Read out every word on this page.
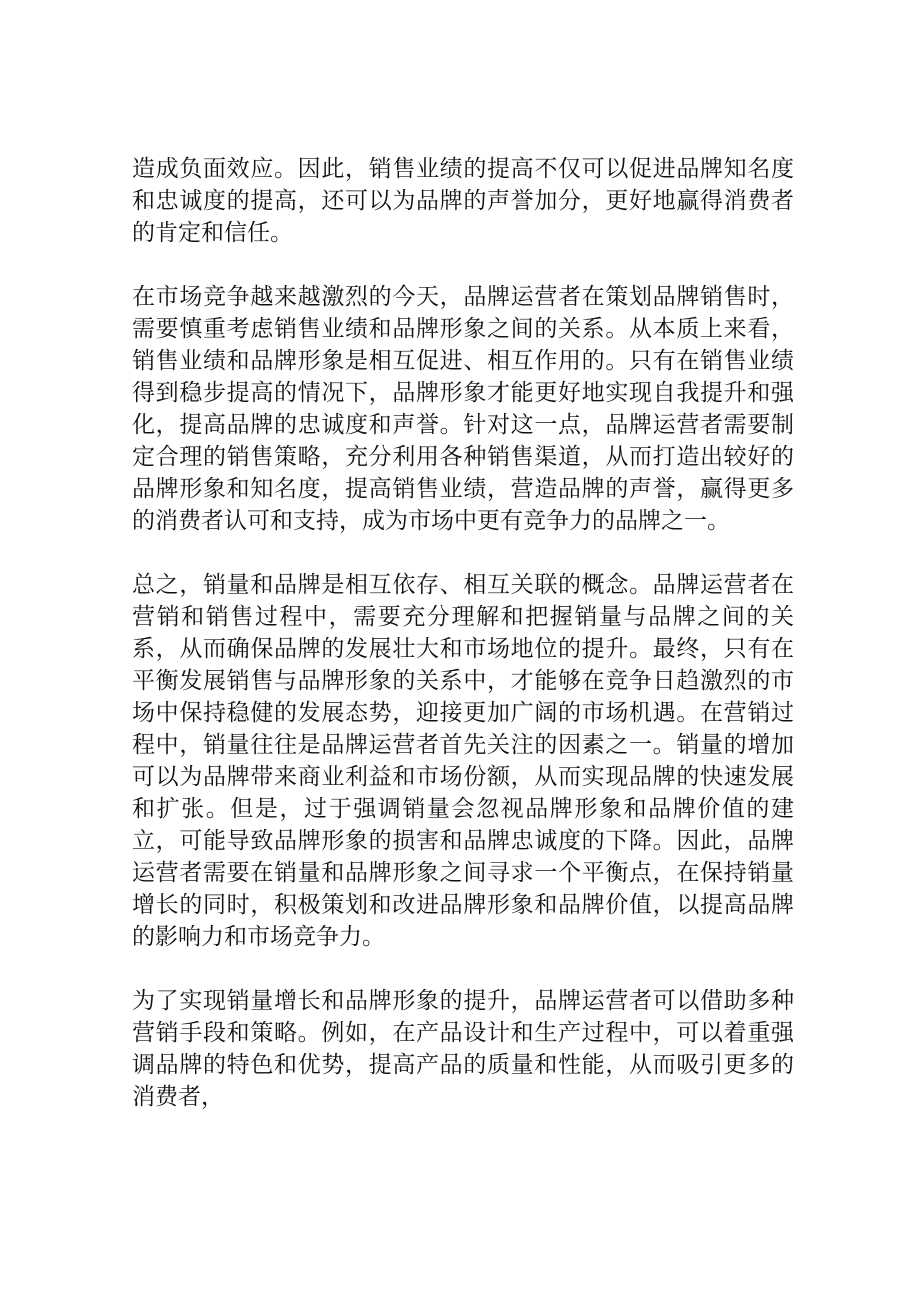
造成负面效应。因此，销售业绩的提高不仅可以促进品牌知名度和忠诚度的提高，还可以为品牌的声誉加分，更好地赢得消费者的肯定和信任。

在市场竞争越来越激烈的今天，品牌运营者在策划品牌销售时，需要慎重考虑销售业绩和品牌形象之间的关系。从本质上来看，销售业绩和品牌形象是相互促进、相互作用的。只有在销售业绩得到稳步提高的情况下，品牌形象才能更好地实现自我提升和强化，提高品牌的忠诚度和声誉。针对这一点，品牌运营者需要制定合理的销售策略，充分利用各种销售渠道，从而打造出较好的品牌形象和知名度，提高销售业绩，营造品牌的声誉，赢得更多的消费者认可和支持，成为市场中更有竞争力的品牌之一。

总之，销量和品牌是相互依存、相互关联的概念。品牌运营者在营销和销售过程中，需要充分理解和把握销量与品牌之间的关系，从而确保品牌的发展壮大和市场地位的提升。最终，只有在平衡发展销售与品牌形象的关系中，才能够在竞争日趋激烈的市场中保持稳健的发展态势，迎接更加广阔的市场机遇。在营销过程中，销量往往是品牌运营者首先关注的因素之一。销量的增加可以为品牌带来商业利益和市场份额，从而实现品牌的快速发展和扩张。但是，过于强调销量会忽视品牌形象和品牌价值的建立，可能导致品牌形象的损害和品牌忠诚度的下降。因此，品牌运营者需要在销量和品牌形象之间寻求一个平衡点，在保持销量增长的同时，积极策划和改进品牌形象和品牌价值，以提高品牌的影响力和市场竞争力。

为了实现销量增长和品牌形象的提升，品牌运营者可以借助多种营销手段和策略。例如，在产品设计和生产过程中，可以着重强调品牌的特色和优势，提高产品的质量和性能，从而吸引更多的消费者，
